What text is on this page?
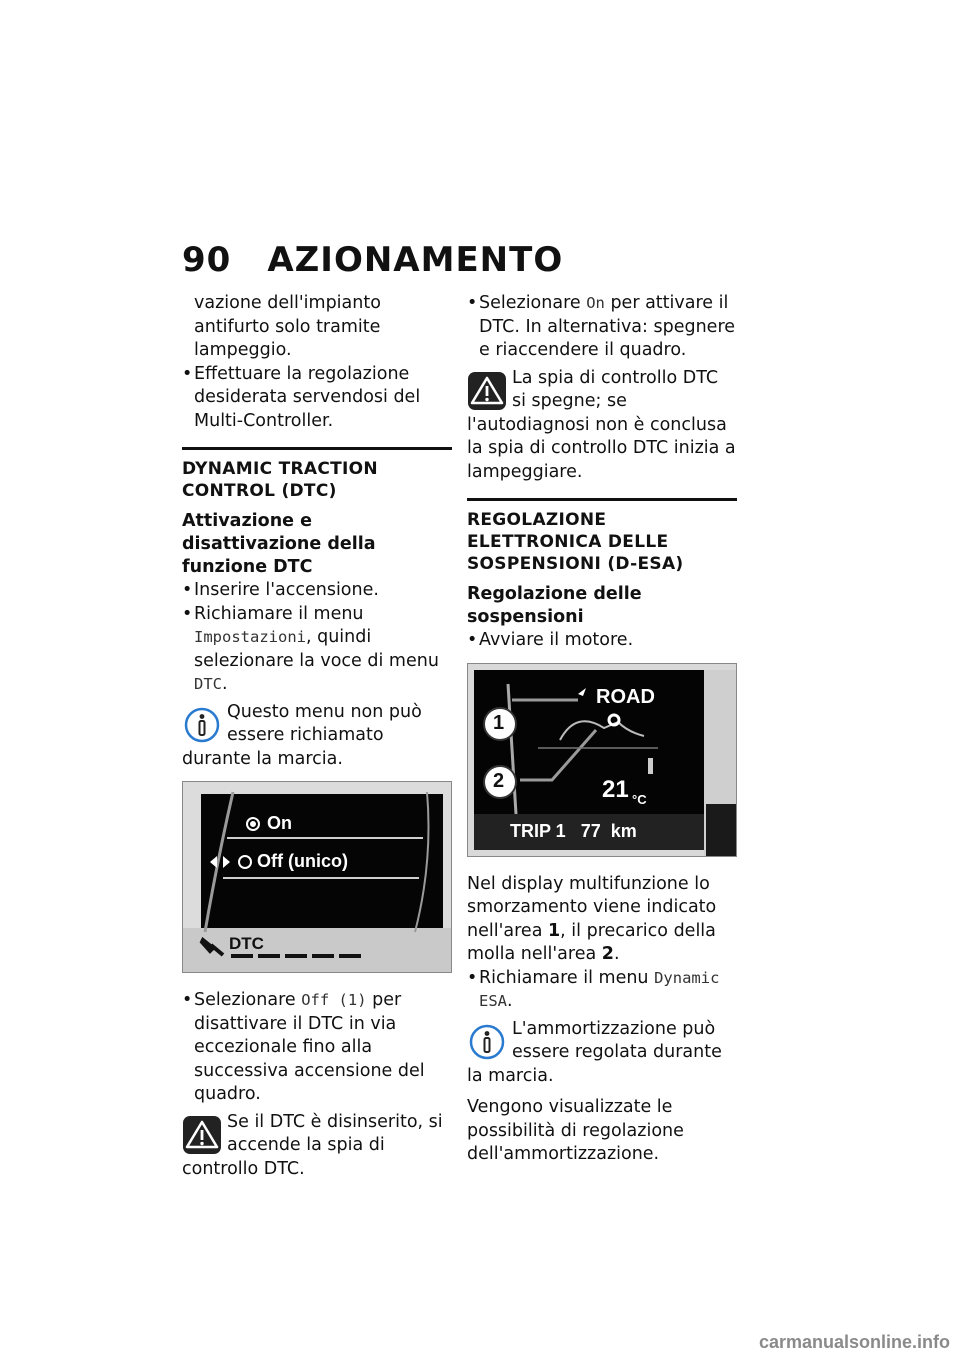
90 AZIONAMENTO

vazione dell'impianto antifurto solo tramite lampeggio.

• Effettuare la regolazione desiderata servendosi del Multi-Controller.

DYNAMIC TRACTION CONTROL (DTC)

Attivazione e disattivazione della funzione DTC

• Inserire l'accensione.

• Richiamare il menu Impostazioni, quindi selezionare la voce di menu DTC.

Questo menu non può essere richiamato durante la marcia.
On
Off (unico)
DTC

• Selezionare Off (1) per disattivare il DTC in via eccezionale fino alla successiva accensione del quadro.

Se il DTC è disinserito, si accende la spia di controllo DTC.

• Selezionare On per attivare il DTC. In alternativa: spegnere e riaccendere il quadro.

La spia di controllo DTC si spegne; se l'autodiagnosi non è conclusa la spia di controllo DTC inizia a lampeggiare.

REGOLAZIONE ELETTRONICA DELLE SOSPENSIONI (D-ESA)

Regolazione delle sospensioni

• Avviare il motore.

ROAD
21 °C
TRIP 1   77  km
1
2

Nel display multifunzione lo smorzamento viene indicato nell'area 1, il precarico della molla nell'area 2.

• Richiamare il menu Dynamic ESA.

L'ammortizzazione può essere regolata durante la marcia.

Vengono visualizzate le possibilità di regolazione dell'ammortizzazione.

carmanualsonline.info
